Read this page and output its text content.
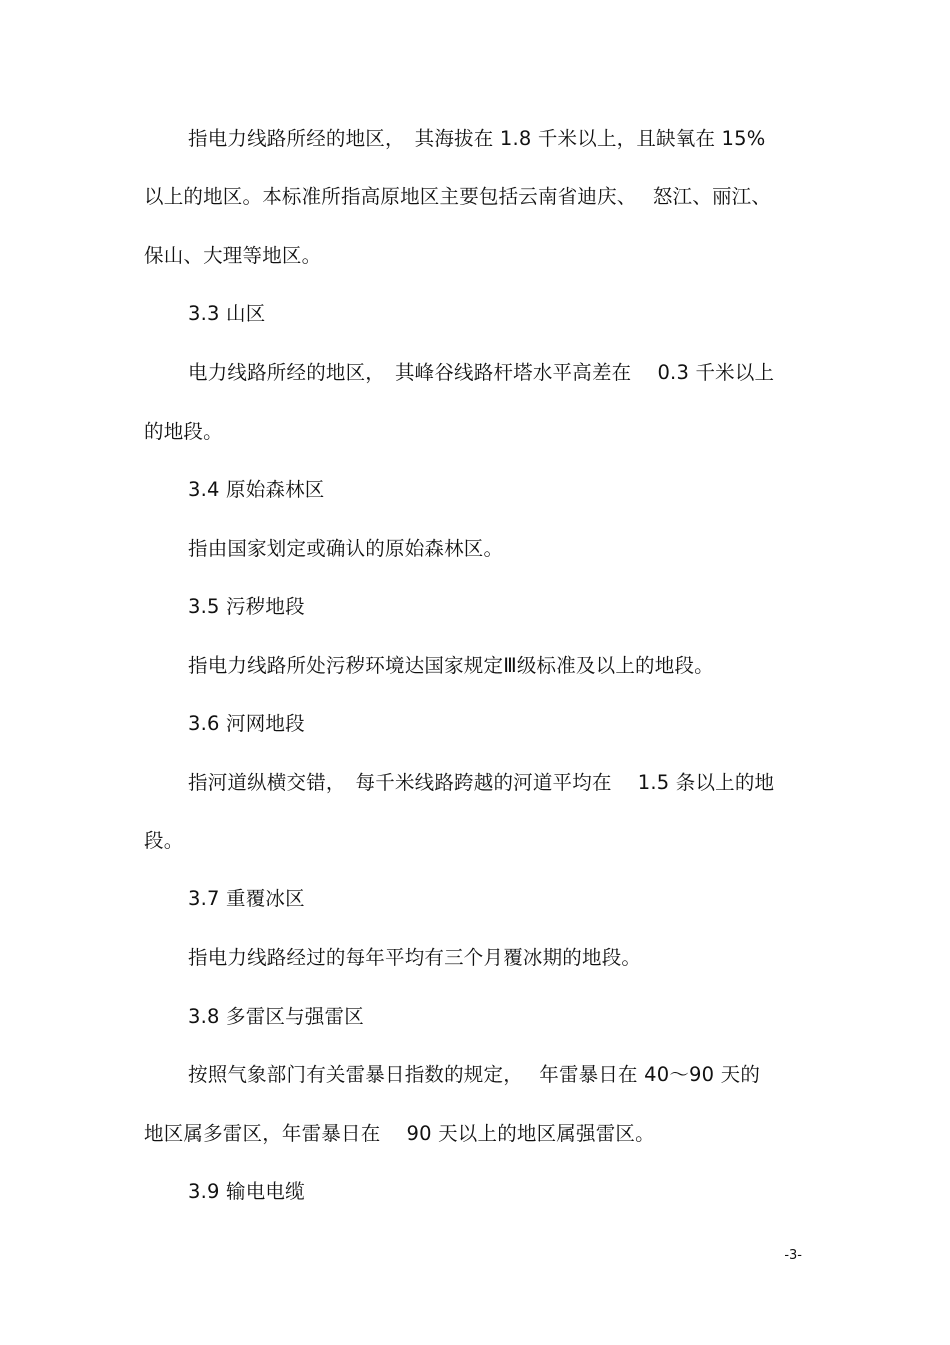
指电力线路所经的地区，　其海拔在 1.8 千米以上，且缺氧在 15%
以上的地区。本标准所指高原地区主要包括云南省迪庆、　 怒江、丽江、
保山、大理等地区。
3.3 山区
电力线路所经的地区，　其峰谷线路杆塔水平高差在　 0.3 千米以上
的地段。
3.4 原始森林区
指由国家划定或确认的原始森林区。
3.5 污秽地段
指电力线路所处污秽环境达国家规定Ⅲ级标准及以上的地段。
3.6 河网地段
指河道纵横交错，　每千米线路跨越的河道平均在　 1.5 条以上的地
段。
3.7 重覆冰区
指电力线路经过的每年平均有三个月覆冰期的地段。
3.8 多雷区与强雷区
按照气象部门有关雷暴日指数的规定，　 年雷暴日在 40～90 天的
地区属多雷区，年雷暴日在　 90 天以上的地区属强雷区。
3.9 输电电缆
-3-
